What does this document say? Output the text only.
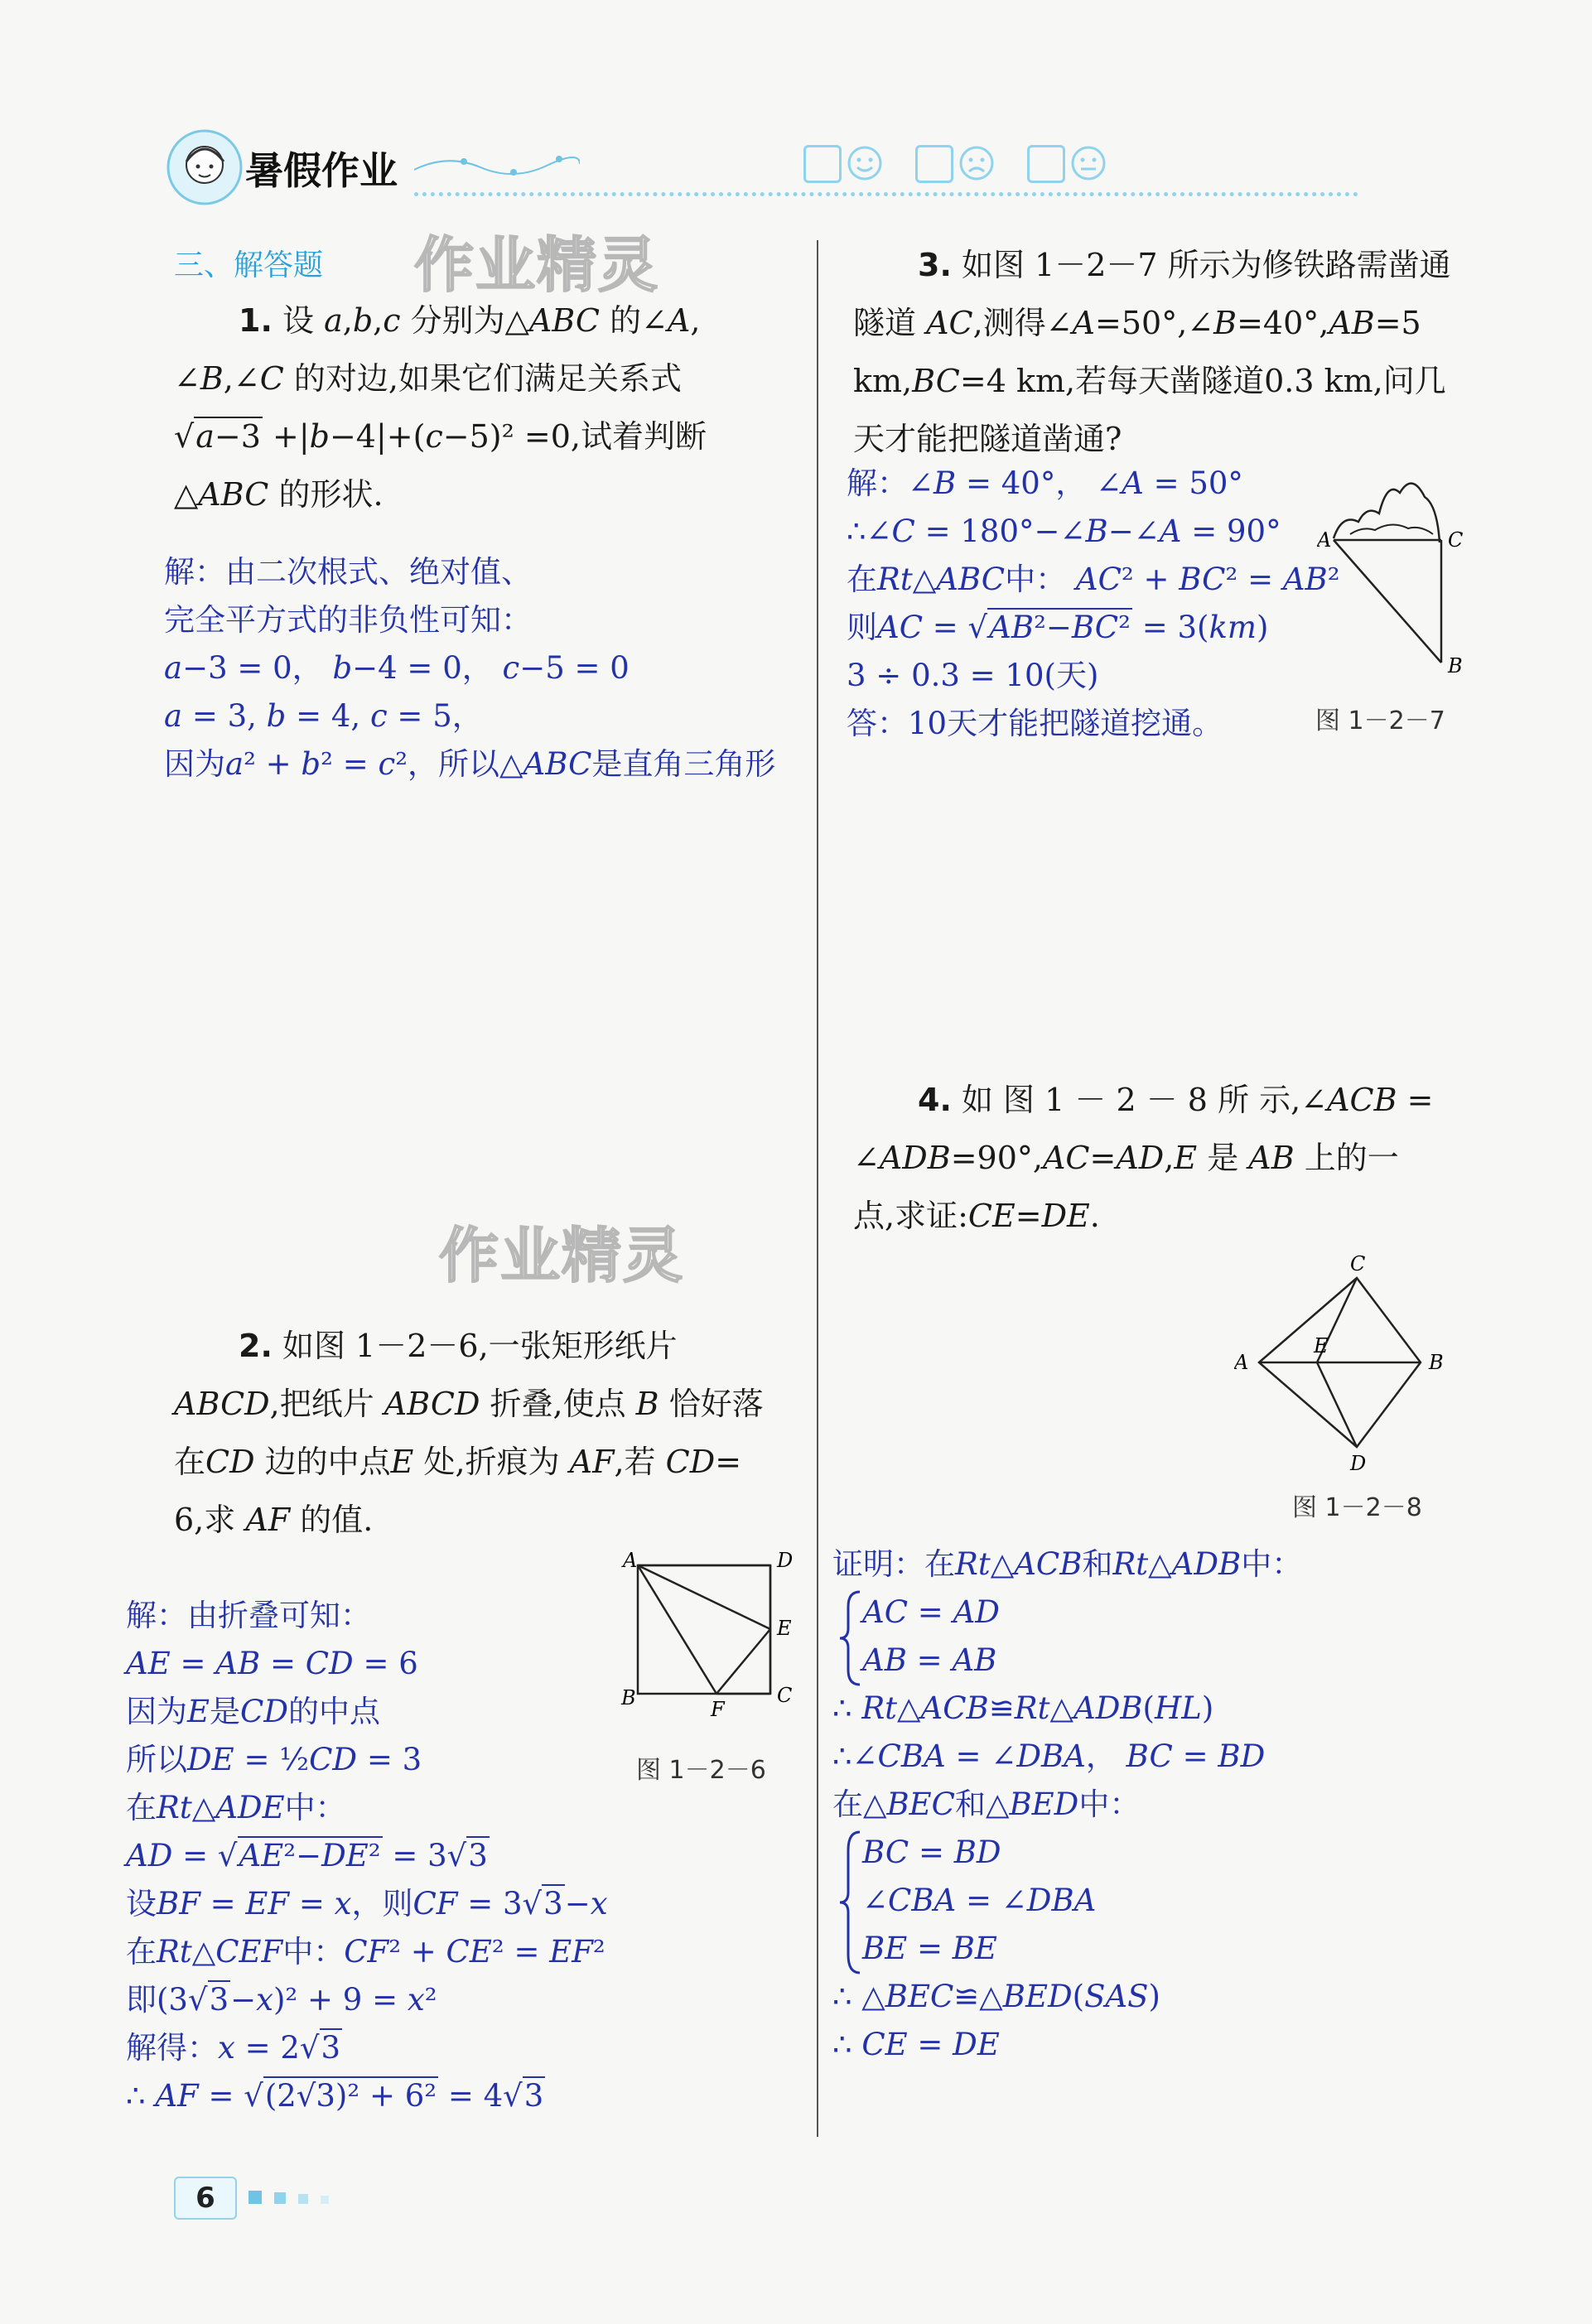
暑假作业
作业精灵
作业精灵
三、解答题
1. 设 a,b,c 分别为△ABC 的∠A,
∠B,∠C 的对边,如果它们满足关系式
√a−3 +|b−4|+(c−5)² =0,试着判断
△ABC 的形状.
解：由二次根式、绝对值、
完全平方式的非负性可知：
a−3 = 0， b−4 = 0， c−5 = 0
a = 3, b = 4, c = 5，
因为a² + b² = c²，所以△ABC是直角三角形
2. 如图 1－2－6,一张矩形纸片
ABCD,把纸片 ABCD 折叠,使点 B 恰好落
在CD 边的中点E 处,折痕为 AF,若 CD=
6,求 AF 的值.
A	D
E
C
B	F
图 1－2－6
解：由折叠可知：
AE = AB = CD = 6
因为E是CD的中点
所以DE = ½CD = 3
在Rt△ADE中：
AD = √AE²−DE² = 3√3
设BF = EF = x，则CF = 3√3−x
在Rt△CEF中：CF² + CE² = EF²
即(3√3−x)² + 9 = x²
解得：x = 2√3
∴ AF = √(2√3)² + 6² = 4√3
3. 如图 1－2－7 所示为修铁路需凿通
隧道 AC,测得∠A=50°,∠B=40°,AB=5
km,BC=4 km,若每天凿隧道0.3 km,问几
天才能把隧道凿通?
解：∠B = 40°， ∠A = 50°
∴∠C = 180°−∠B−∠A = 90°
在Rt△ABC中： AC² + BC² = AB²
则AC = √AB²−BC² = 3(km)
3 ÷ 0.3 = 10(天)
答：10天才能把隧道挖通。
A	C
B
图 1－2－7
4. 如 图 1 － 2 － 8 所 示,∠ACB =
∠ADB=90°,AC=AD,E 是 AB 上的一
点,求证:CE=DE.
C
A
E
B
D
图 1－2－8
证明：在Rt△ACB和Rt△ADB中：
AC = AD
AB = AB
∴ Rt△ACB≌Rt△ADB(HL)
∴∠CBA = ∠DBA， BC = BD
在△BEC和△BED中：
BC = BD
∠CBA = ∠DBA
BE = BE
∴ △BEC≌△BED(SAS)
∴ CE = DE
6
